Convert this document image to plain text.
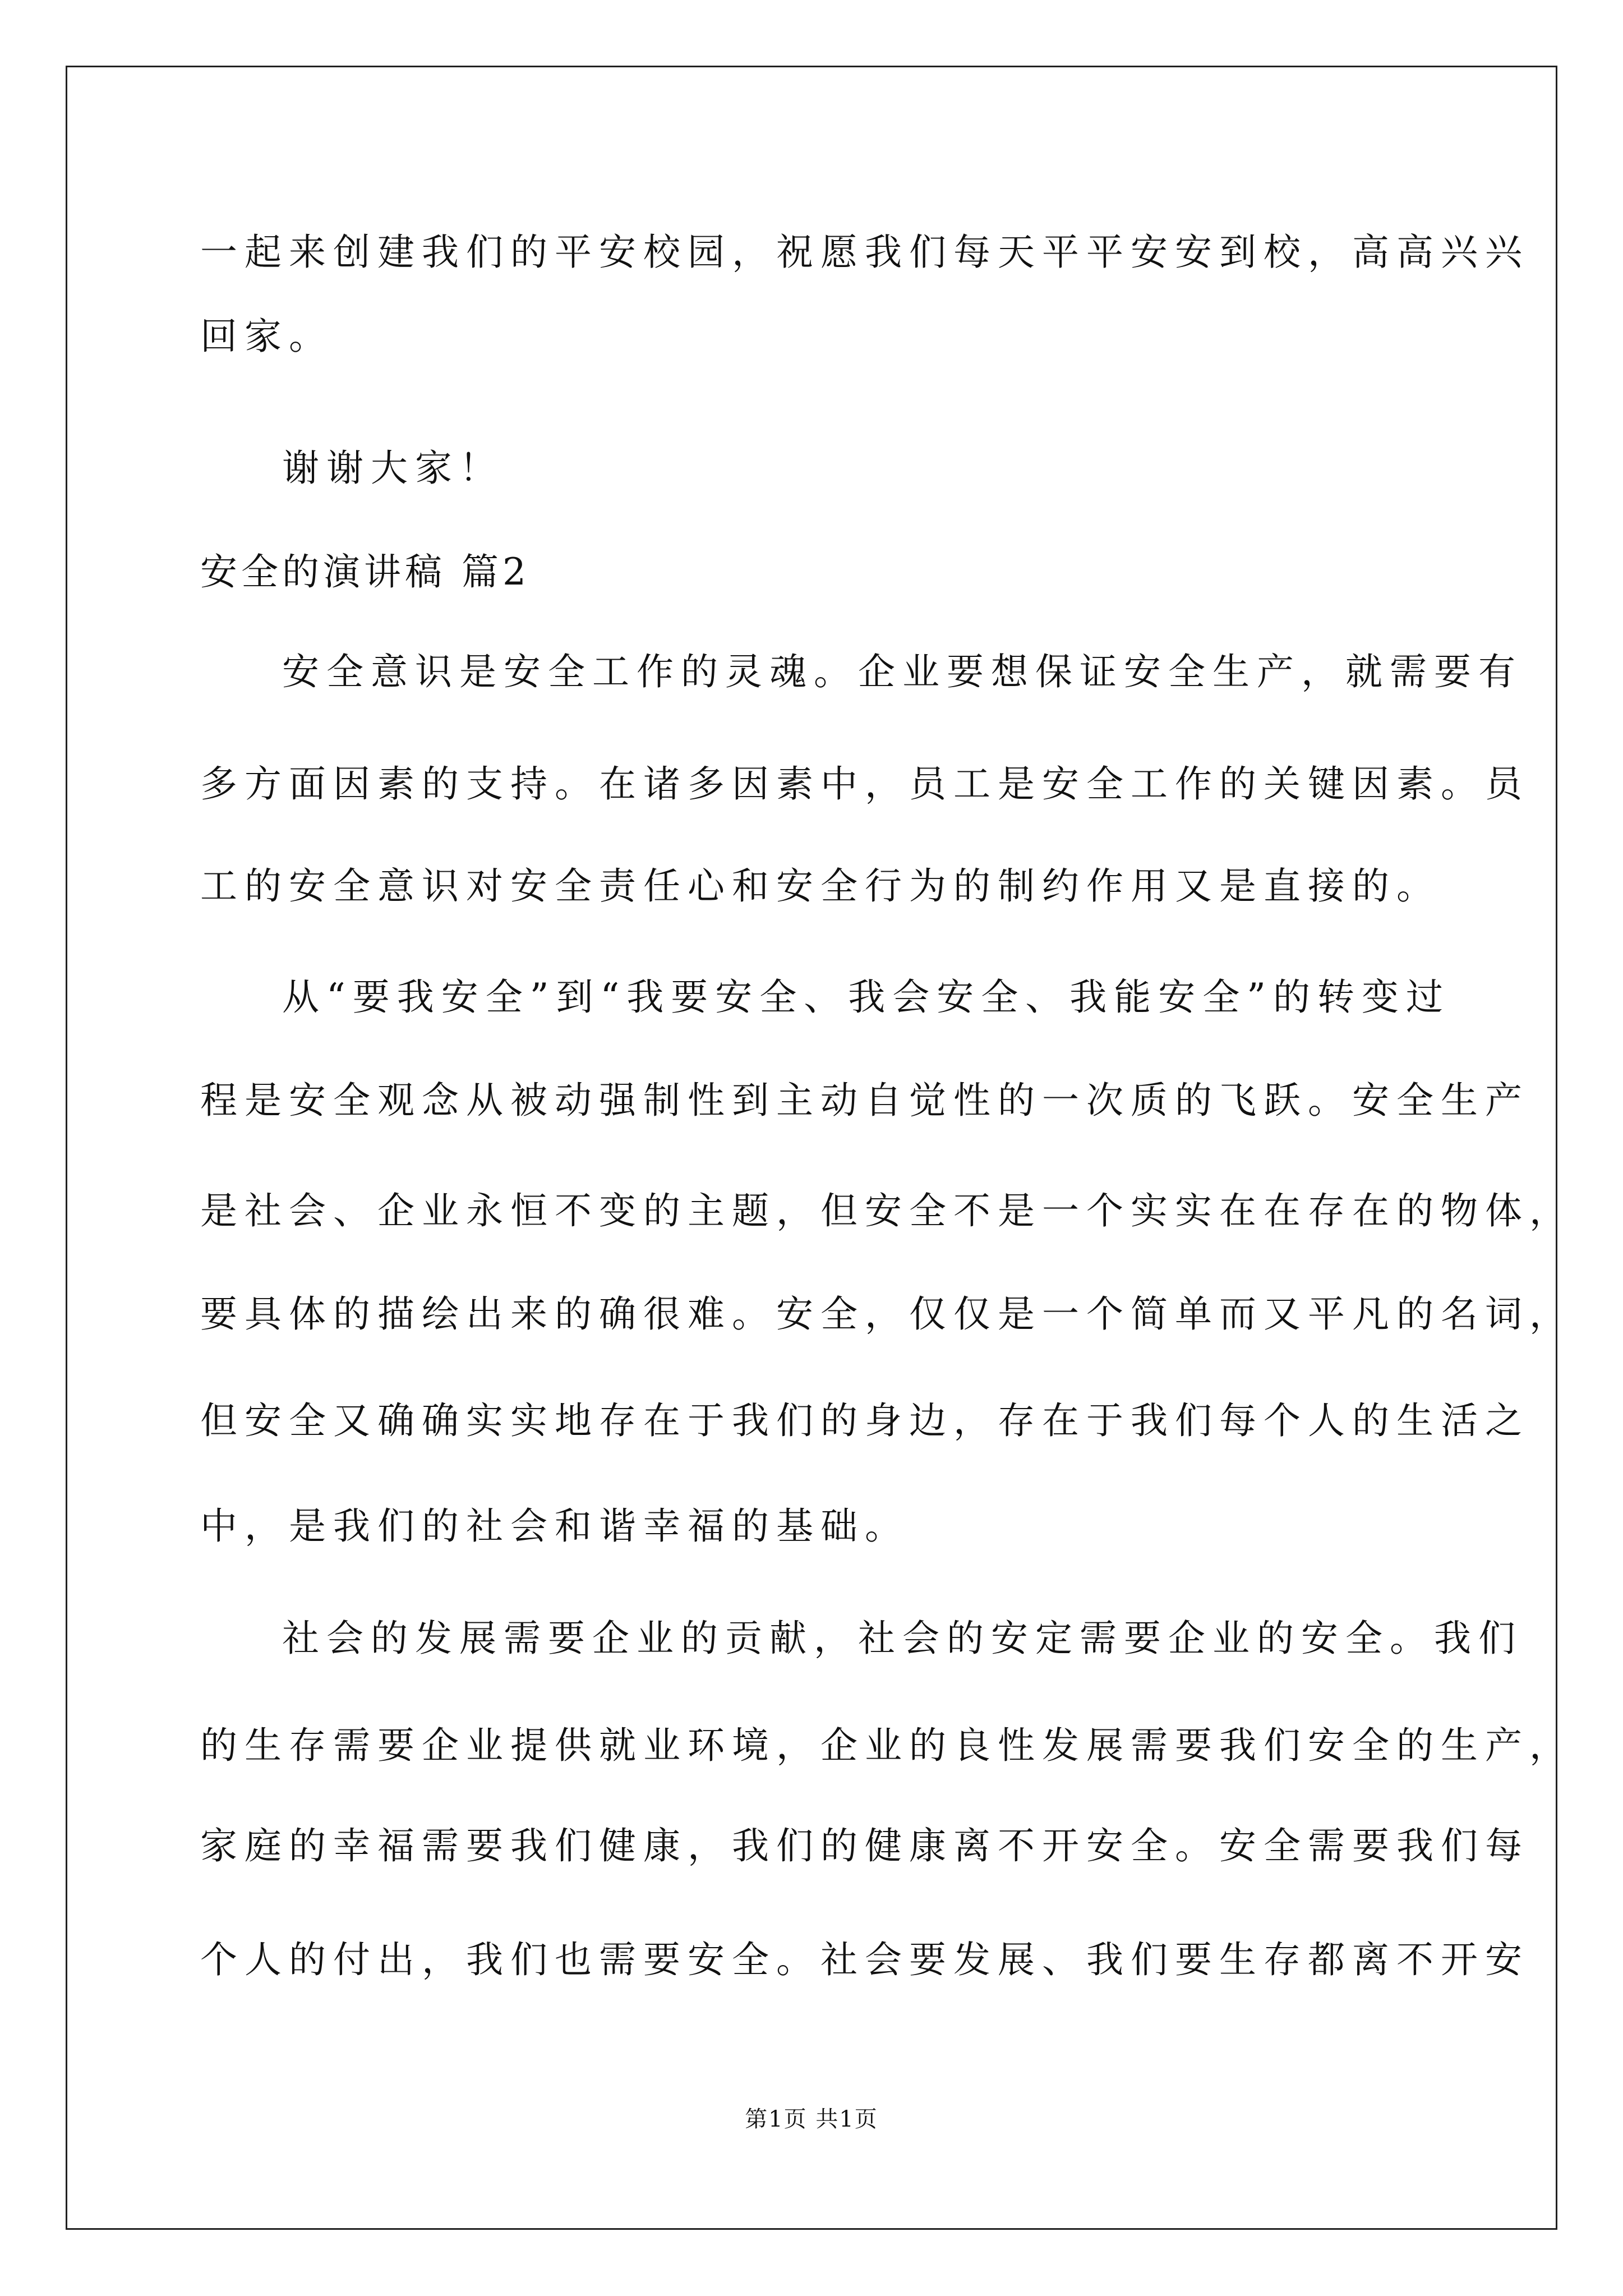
一起来创建我们的平安校园，祝愿我们每天平平安安到校，高高兴兴
回家。
谢谢大家！
安全的演讲稿 篇2
安全意识是安全工作的灵魂。企业要想保证安全生产，就需要有
多方面因素的支持。在诸多因素中，员工是安全工作的关键因素。员
工的安全意识对安全责任心和安全行为的制约作用又是直接的。
从“要我安全”到“我要安全、我会安全、我能安全”的转变过
程是安全观念从被动强制性到主动自觉性的一次质的飞跃。安全生产
是社会、企业永恒不变的主题，但安全不是一个实实在在存在的物体，
要具体的描绘出来的确很难。安全，仅仅是一个简单而又平凡的名词，
但安全又确确实实地存在于我们的身边，存在于我们每个人的生活之
中，是我们的社会和谐幸福的基础。
社会的发展需要企业的贡献，社会的安定需要企业的安全。我们
的生存需要企业提供就业环境，企业的良性发展需要我们安全的生产，
家庭的幸福需要我们健康，我们的健康离不开安全。安全需要我们每
个人的付出，我们也需要安全。社会要发展、我们要生存都离不开安
第1页 共1页
